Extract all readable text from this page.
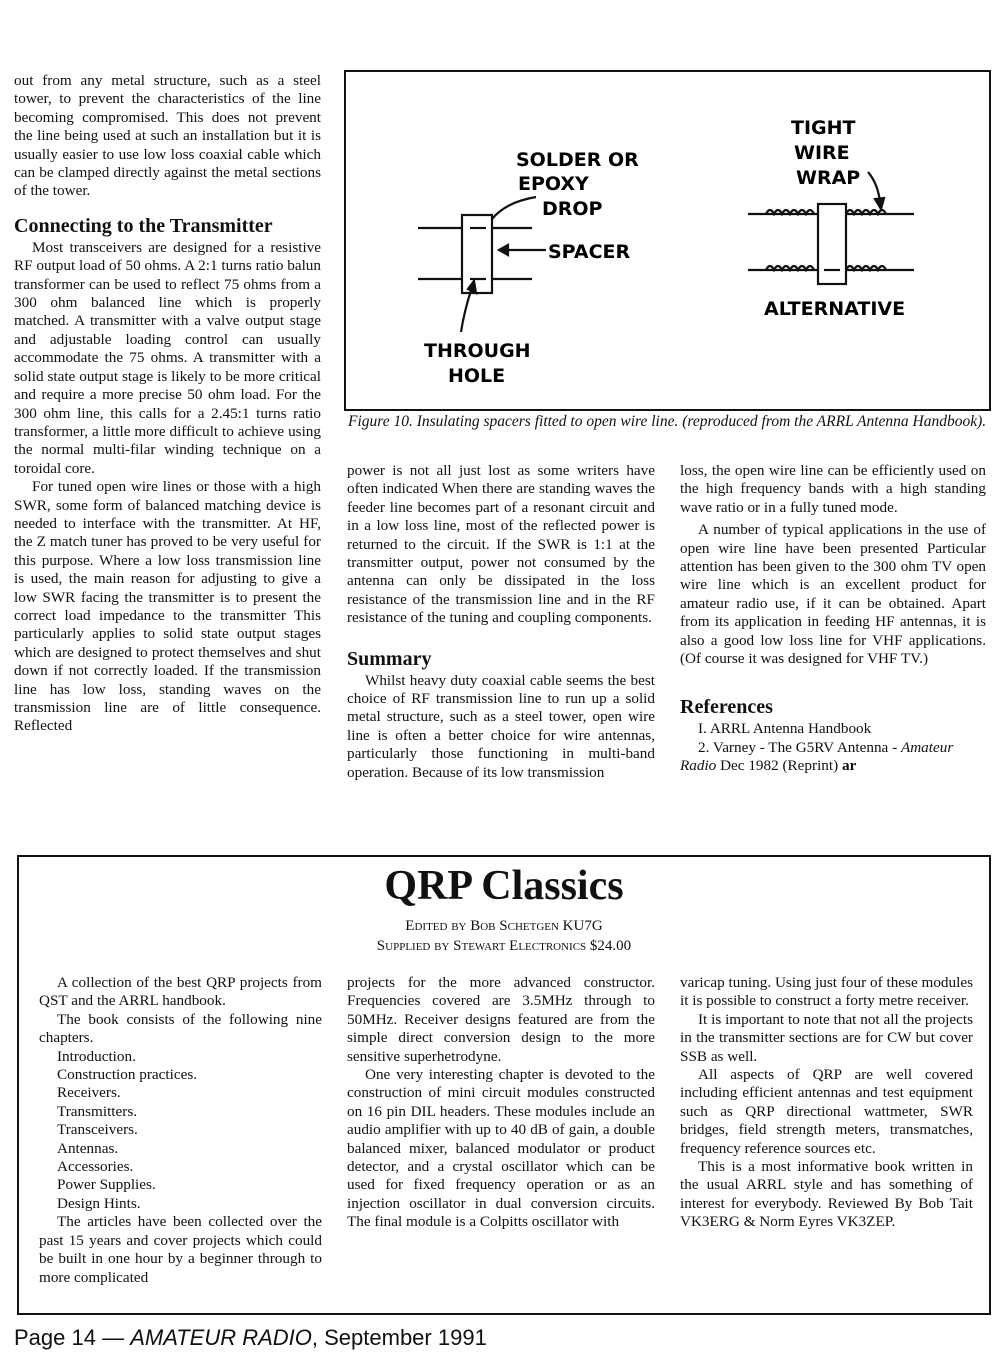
out from any metal structure, such as a steel tower, to prevent the characteristics of the line becoming compromised. This does not prevent the line being used at such an installation but it is usually easier to use low loss coaxial cable which can be clamped directly against the metal sections of the tower.

Connecting to the Transmitter

Most transceivers are designed for a resistive RF output load of 50 ohms. A 2:1 turns ratio balun transformer can be used to reflect 75 ohms from a 300 ohm balanced line which is properly matched. A transmitter with a valve output stage and adjustable loading control can usually accommodate the 75 ohms. A transmitter with a solid state output stage is likely to be more critical and require a more precise 50 ohm load. For the 300 ohm line, this calls for a 2.45:1 turns ratio transformer, a little more difficult to achieve using the normal multi-filar winding technique on a toroidal core.

For tuned open wire lines or those with a high SWR, some form of balanced matching device is needed to interface with the transmitter. At HF, the Z match tuner has proved to be very useful for this purpose. Where a low loss transmission line is used, the main reason for adjusting to give a low SWR facing the transmitter is to present the correct load impedance to the transmitter This particularly applies to solid state output stages which are designed to protect themselves and shut down if not correctly loaded. If the transmission line has low loss, standing waves on the transmission line are of little consequence. Reflected

SOLDER OR
EPOXY
DROP
SPACER
THROUGH
HOLE
TIGHT
WIRE
WRAP
ALTERNATIVE
Figure 10. Insulating spacers fitted to open wire line. (reproduced from the ARRL Antenna Handbook).

power is not all just lost as some writers have often indicated When there are standing waves the feeder line becomes part of a resonant circuit and in a low loss line, most of the reflected power is returned to the circuit. If the SWR is 1:1 at the transmitter output, power not consumed by the antenna can only be dissipated in the loss resistance of the transmission line and in the RF resistance of the tuning and coupling components.

Summary

Whilst heavy duty coaxial cable seems the best choice of RF transmission line to run up a solid metal structure, such as a steel tower, open wire line is often a better choice for wire antennas, particularly those functioning in multi-band operation. Because of its low transmission

loss, the open wire line can be efficiently used on the high frequency bands with a high standing wave ratio or in a fully tuned mode.

A number of typical applications in the use of open wire line have been presented Particular attention has been given to the 300 ohm TV open wire line which is an excellent product for amateur radio use, if it can be obtained. Apart from its application in feeding HF antennas, it is also a good low loss line for VHF applications. (Of course it was designed for VHF TV.)

References

I. ARRL Antenna Handbook

2. Varney - The G5RV Antenna - Amateur Radio Dec 1982 (Reprint) ar

QRP Classics
Edited by Bob Schetgen KU7G
Supplied by Stewart Electronics $24.00

A collection of the best QRP projects from QST and the ARRL handbook.

The book consists of the following nine chapters.

Introduction.
Construction practices.
Receivers.
Transmitters.
Transceivers.
Antennas.
Accessories.
Power Supplies.
Design Hints.

The articles have been collected over the past 15 years and cover projects which could be built in one hour by a beginner through to more complicated

projects for the more advanced constructor. Frequencies covered are 3.5MHz through to 50MHz. Receiver designs featured are from the simple direct conversion design to the more sensitive superhetrodyne.

One very interesting chapter is devoted to the construction of mini circuit modules constructed on 16 pin DIL headers. These modules include an audio amplifier with up to 40 dB of gain, a double balanced mixer, balanced modulator or product detector, and a crystal oscillator which can be used for fixed frequency operation or as an injection oscillator in dual conversion circuits. The final module is a Colpitts oscillator with

varicap tuning. Using just four of these modules it is possible to construct a forty metre receiver.

It is important to note that not all the projects in the transmitter sections are for CW but cover SSB as well.

All aspects of QRP are well covered including efficient antennas and test equipment such as QRP directional wattmeter, SWR bridges, field strength meters, transmatches, frequency reference sources etc.

This is a most informative book written in the usual ARRL style and has something of interest for everybody. Reviewed By Bob Tait VK3ERG & Norm Eyres VK3ZEP.

Page 14 — AMATEUR RADIO, September 1991
